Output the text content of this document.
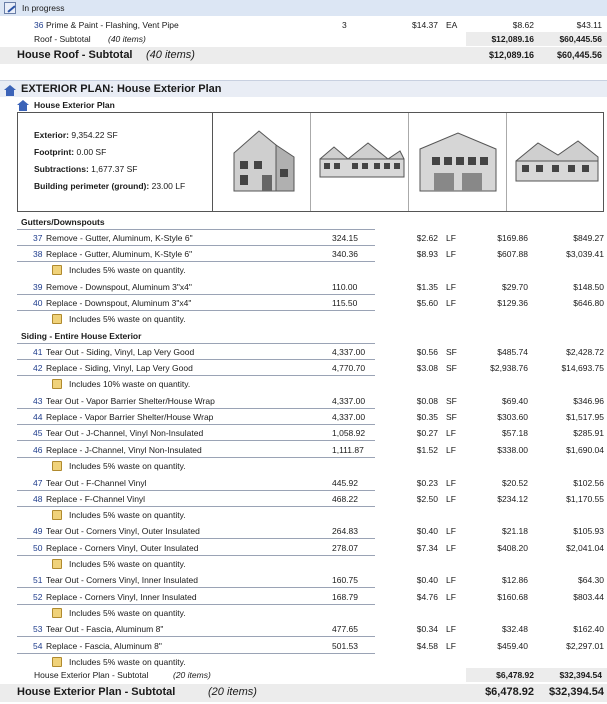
In progress
36 Prime & Paint - Flashing, Vent Pipe	3	$14.37 EA	$8.62	$43.11
Roof - Subtotal (40 items)	$12,089.16	$60,445.56
House Roof - Subtotal (40 items)	$12,089.16	$60,445.56
EXTERIOR PLAN: House Exterior Plan
House Exterior Plan
Exterior: 9,354.22 SF
Footprint: 0.00 SF
Subtractions: 1,677.37 SF
Building perimeter (ground): 23.00 LF
Gutters/Downspouts
37 Remove - Gutter, Aluminum, K-Style 6"	324.15	$2.62 LF	$169.86	$849.27
38 Replace - Gutter, Aluminum, K-Style 6"	340.36	$8.93 LF	$607.88	$3,039.41
Includes 5% waste on quantity.
39 Remove - Downspout, Aluminum 3"x4"	110.00	$1.35 LF	$29.70	$148.50
40 Replace - Downspout, Aluminum 3"x4"	115.50	$5.60 LF	$129.36	$646.80
Includes 5% waste on quantity.
Siding - Entire House Exterior
41 Tear Out - Siding, Vinyl, Lap Very Good	4,337.00	$0.56 SF	$485.74	$2,428.72
42 Replace - Siding, Vinyl, Lap Very Good	4,770.70	$3.08 SF	$2,938.76	$14,693.75
Includes 10% waste on quantity.
43 Tear Out - Vapor Barrier Shelter/House Wrap	4,337.00	$0.08 SF	$69.40	$346.96
44 Replace - Vapor Barrier Shelter/House Wrap	4,337.00	$0.35 SF	$303.60	$1,517.95
45 Tear Out - J-Channel, Vinyl Non-Insulated	1,058.92	$0.27 LF	$57.18	$285.91
46 Replace - J-Channel, Vinyl Non-Insulated	1,111.87	$1.52 LF	$338.00	$1,690.04
Includes 5% waste on quantity.
47 Tear Out - F-Channel Vinyl	445.92	$0.23 LF	$20.52	$102.56
48 Replace - F-Channel Vinyl	468.22	$2.50 LF	$234.12	$1,170.55
Includes 5% waste on quantity.
49 Tear Out - Corners Vinyl, Outer Insulated	264.83	$0.40 LF	$21.18	$105.93
50 Replace - Corners Vinyl, Outer Insulated	278.07	$7.34 LF	$408.20	$2,041.04
Includes 5% waste on quantity.
51 Tear Out - Corners Vinyl, Inner Insulated	160.75	$0.40 LF	$12.86	$64.30
52 Replace - Corners Vinyl, Inner Insulated	168.79	$4.76 LF	$160.68	$803.44
Includes 5% waste on quantity.
53 Tear Out - Fascia, Aluminum 8"	477.65	$0.34 LF	$32.48	$162.40
54 Replace - Fascia, Aluminum 8"	501.53	$4.58 LF	$459.40	$2,297.01
Includes 5% waste on quantity.
House Exterior Plan - Subtotal	(20 items)	$6,478.92	$32,394.54
House Exterior Plan - Subtotal	(20 items)	$6,478.92	$32,394.54
